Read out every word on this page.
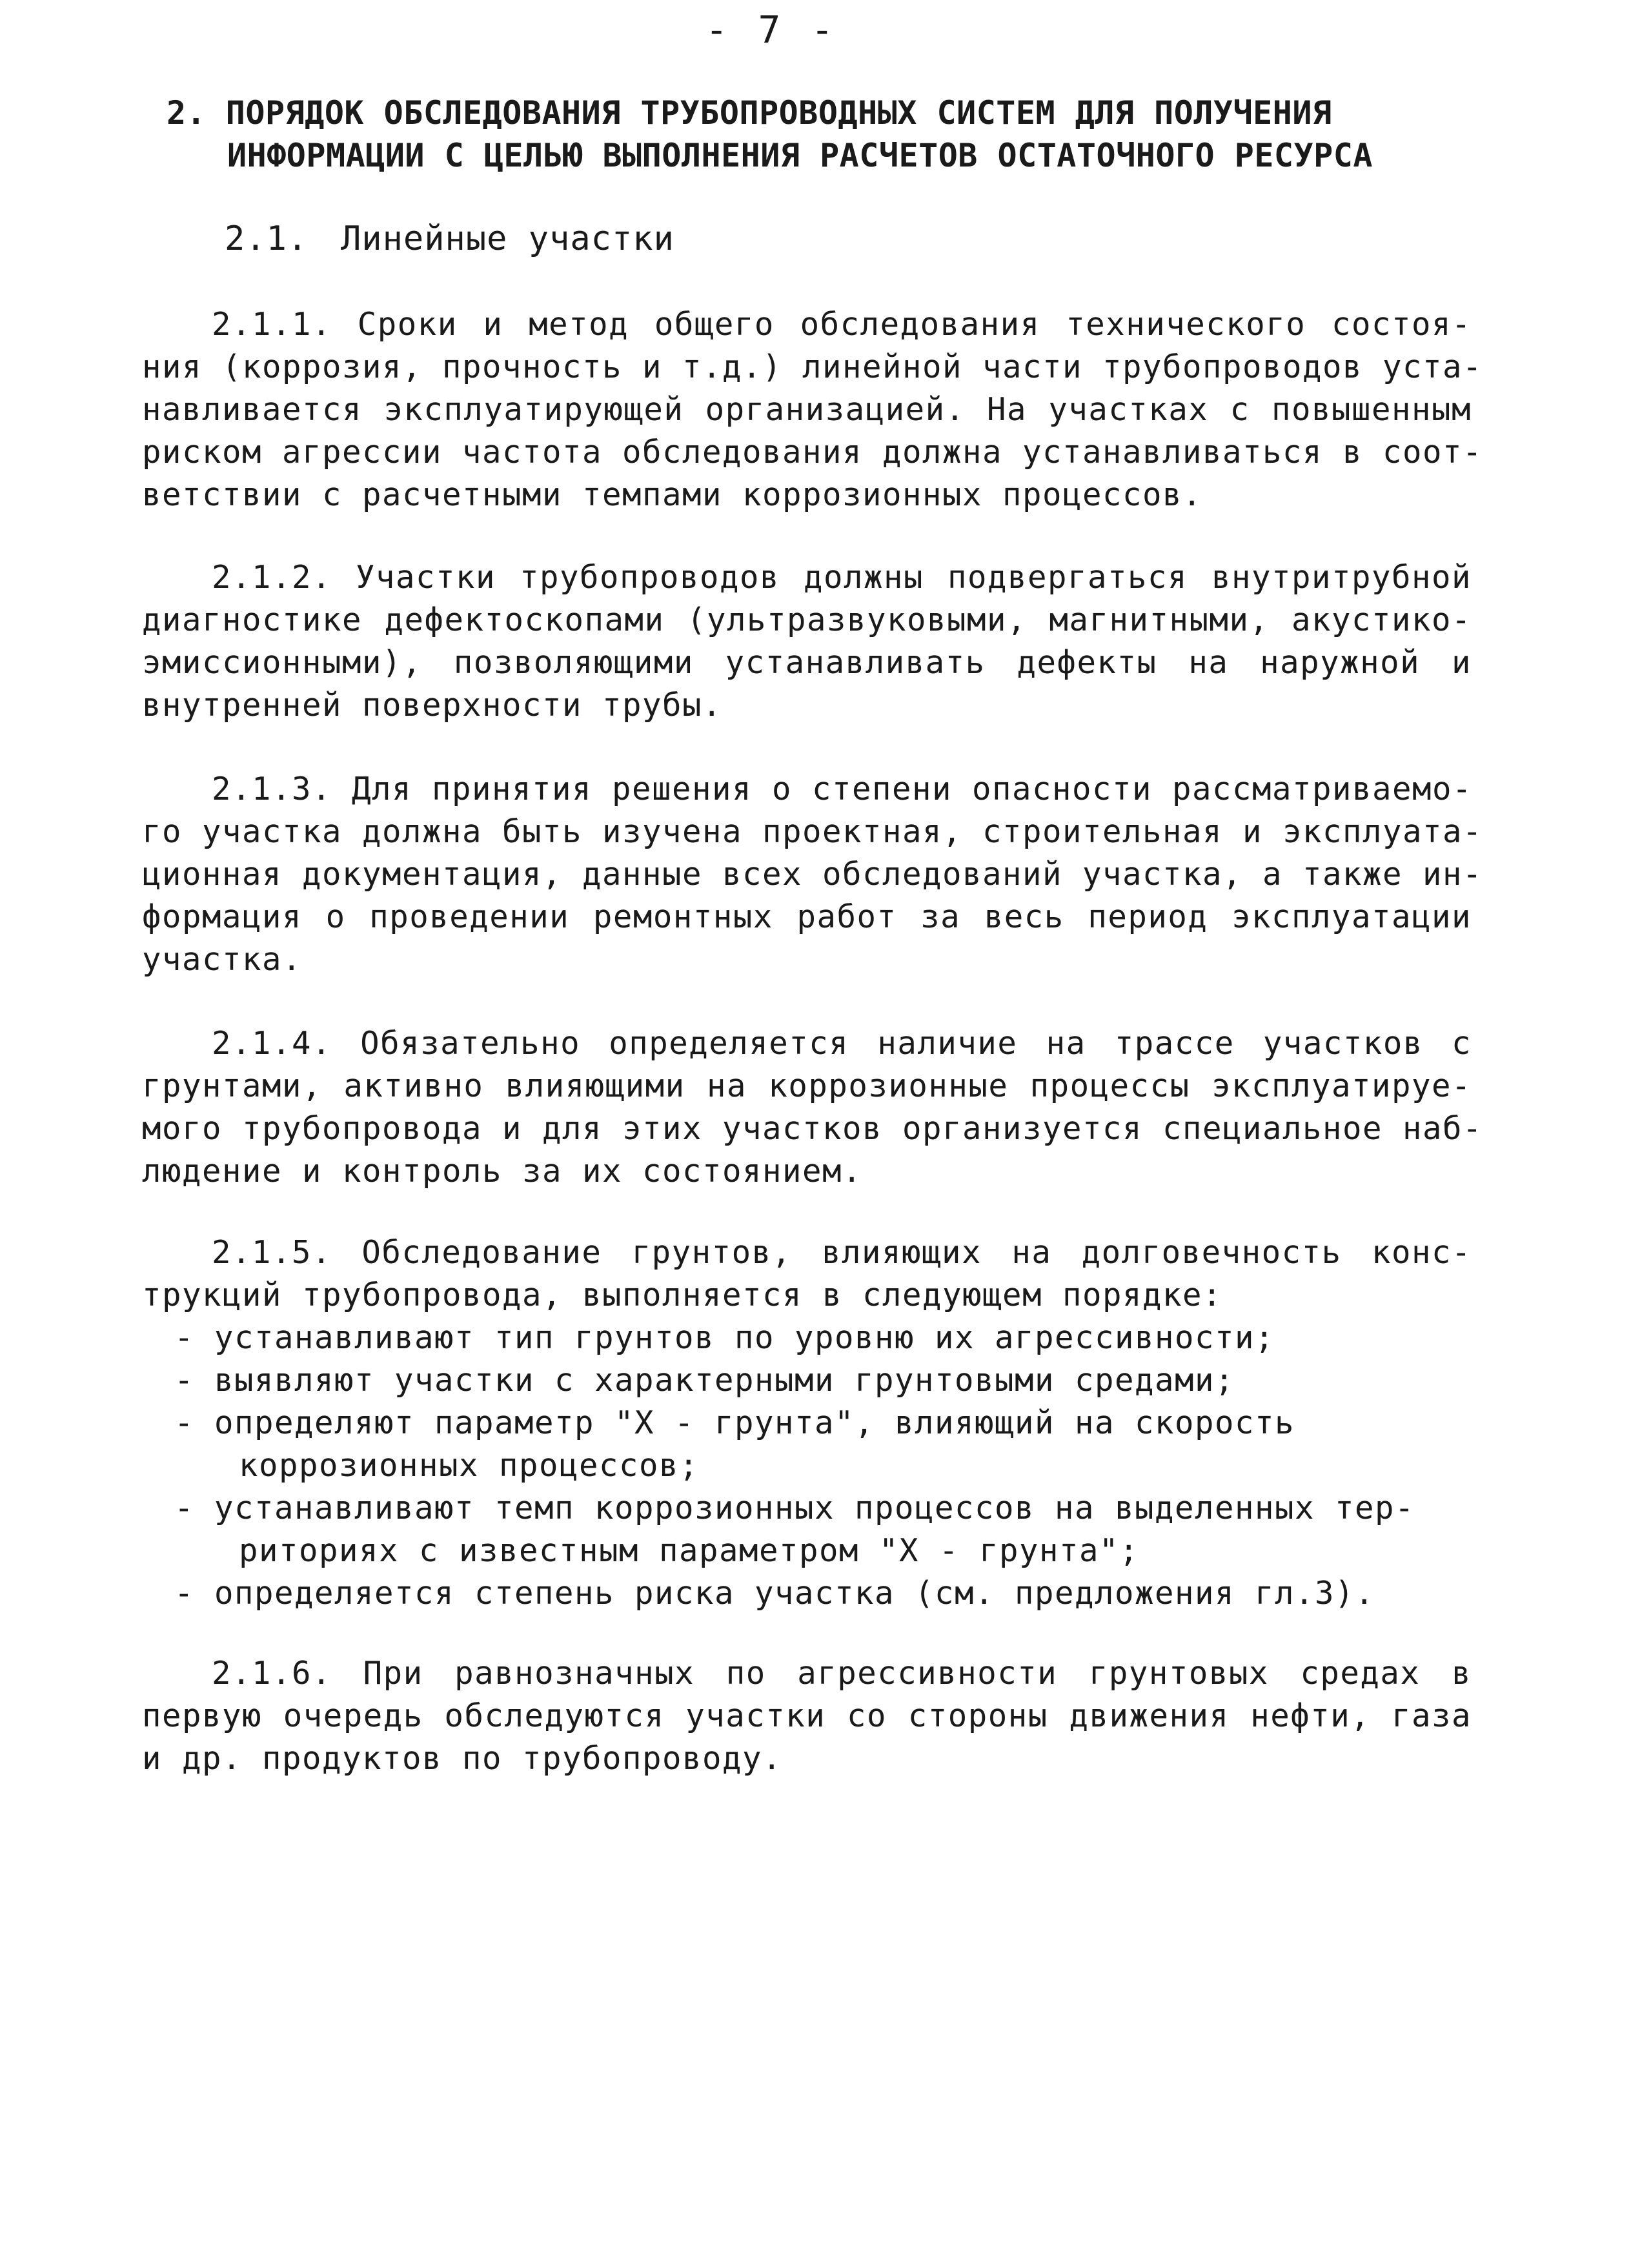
- 7 -
2. ПОРЯДОК ОБСЛЕДОВАНИЯ ТРУБОПРОВОДНЫХ СИСТЕМ ДЛЯ ПОЛУЧЕНИЯ
ИНФОРМАЦИИ С ЦЕЛЬЮ ВЫПОЛНЕНИЯ РАСЧЕТОВ ОСТАТОЧНОГО РЕСУРСА
2.1. Линейные участки
2.1.1. Сроки и метод общего обследования технического состоя-
ния (коррозия, прочность и т.д.) линейной части трубопроводов уста-
навливается эксплуатирующей организацией. На участках с повышенным
риском агрессии частота обследования должна устанавливаться в соот-
ветствии с расчетными темпами коррозионных процессов.
2.1.2. Участки трубопроводов должны подвергаться внутритрубной
диагностике дефектоскопами (ультразвуковыми, магнитными, акустико-
эмиссионными), позволяющими устанавливать дефекты на наружной и
внутренней поверхности трубы.
2.1.3. Для принятия решения о степени опасности рассматриваемо-
го участка должна быть изучена проектная, строительная и эксплуата-
ционная документация, данные всех обследований участка, а также ин-
формация о проведении ремонтных работ за весь период эксплуатации
участка.
2.1.4. Обязательно определяется наличие на трассе участков с
грунтами, активно влияющими на коррозионные процессы эксплуатируе-
мого трубопровода и для этих участков организуется специальное наб-
людение и контроль за их состоянием.
2.1.5. Обследование грунтов, влияющих на долговечность конс-
трукций трубопровода, выполняется в следующем порядке:
- устанавливают тип грунтов по уровню их агрессивности;
- выявляют участки с характерными грунтовыми средами;
- определяют параметр "Х - грунта", влияющий на скорость
коррозионных процессов;
- устанавливают темп коррозионных процессов на выделенных тер-
риториях с известным параметром "Х - грунта";
- определяется степень риска участка (см. предложения гл.3).
2.1.6. При равнозначных по агрессивности грунтовых средах в
первую очередь обследуются участки со стороны движения нефти, газа
и др. продуктов по трубопроводу.
